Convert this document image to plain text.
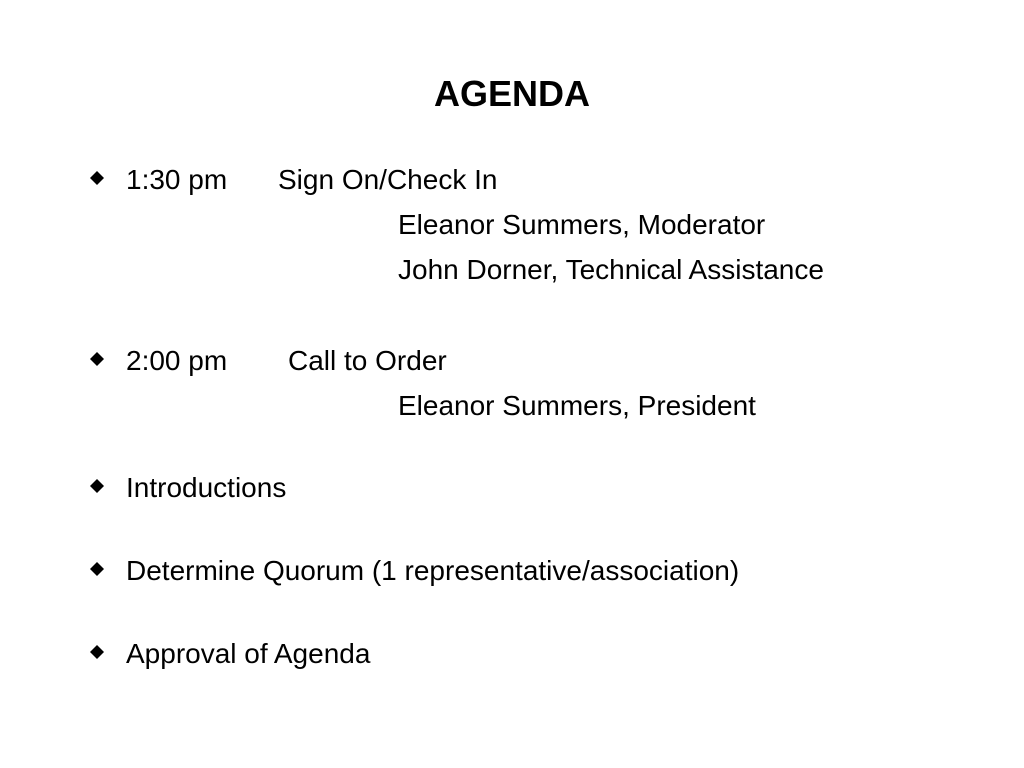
AGENDA
1:30 pm Sign On/Check In
Eleanor Summers, Moderator
John Dorner, Technical Assistance
2:00 pm Call to Order
Eleanor Summers, President
Introductions
Determine Quorum (1 representative/association)
Approval of Agenda
